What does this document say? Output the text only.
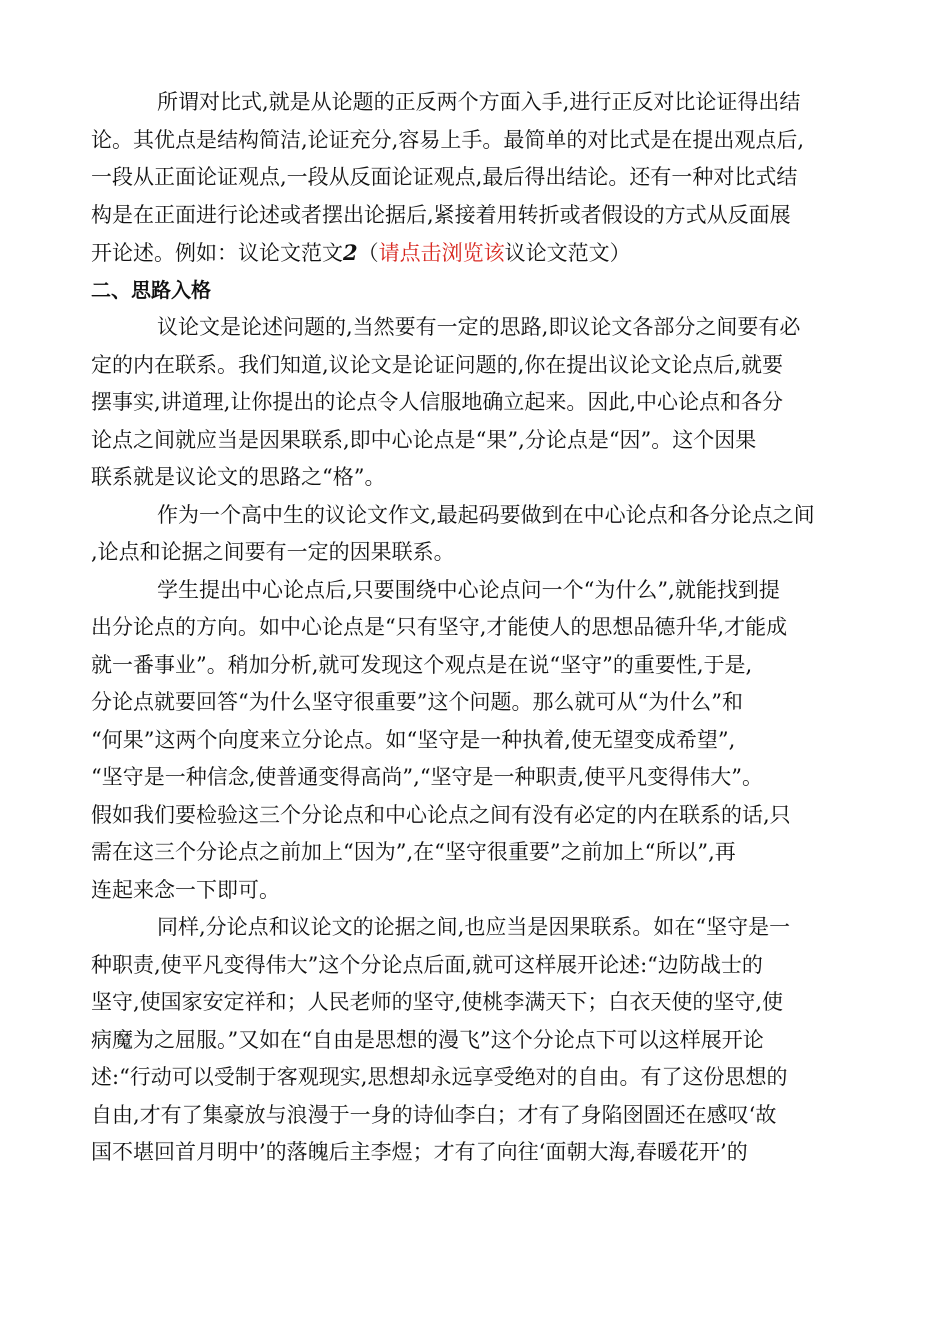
所谓对比式,就是从论题的正反两个方面入手,进行正反对比论证得出结
论。其优点是结构简洁,论证充分,容易上手。最简单的对比式是在提出观点后,
一段从正面论证观点,一段从反面论证观点,最后得出结论。还有一种对比式结
构是在正面进行论述或者摆出论据后,紧接着用转折或者假设的方式从反面展
开论述。例如：议论文范文2（请点击浏览该议论文范文）
二、思路入格
议论文是论述问题的,当然要有一定的思路,即议论文各部分之间要有必
定的内在联系。我们知道,议论文是论证问题的,你在提出议论文论点后,就要
摆事实,讲道理,让你提出的论点令人信服地确立起来。因此,中心论点和各分
论点之间就应当是因果联系,即中心论点是“果”,分论点是“因”。这个因果
联系就是议论文的思路之“格”。
作为一个高中生的议论文作文,最起码要做到在中心论点和各分论点之间
,论点和论据之间要有一定的因果联系。
学生提出中心论点后,只要围绕中心论点问一个“为什么”,就能找到提
出分论点的方向。如中心论点是“只有坚守,才能使人的思想品德升华,才能成
就一番事业”。稍加分析,就可发现这个观点是在说“坚守”的重要性,于是,
分论点就要回答“为什么坚守很重要”这个问题。那么就可从“为什么”和
“何果”这两个向度来立分论点。如“坚守是一种执着,使无望变成希望”,
“坚守是一种信念,使普通变得高尚”,“坚守是一种职责,使平凡变得伟大”。
假如我们要检验这三个分论点和中心论点之间有没有必定的内在联系的话,只
需在这三个分论点之前加上“因为”,在“坚守很重要”之前加上“所以”,再
连起来念一下即可。
同样,分论点和议论文的论据之间,也应当是因果联系。如在“坚守是一
种职责,使平凡变得伟大”这个分论点后面,就可这样展开论述:“边防战士的
坚守,使国家安定祥和；人民老师的坚守,使桃李满天下；白衣天使的坚守,使
病魔为之屈服。”又如在“自由是思想的漫飞”这个分论点下可以这样展开论
述:“行动可以受制于客观现实,思想却永远享受绝对的自由。有了这份思想的
自由,才有了集豪放与浪漫于一身的诗仙李白；才有了身陷囹圄还在感叹‘故
国不堪回首月明中’的落魄后主李煜；才有了向往‘面朝大海,春暖花开’的
